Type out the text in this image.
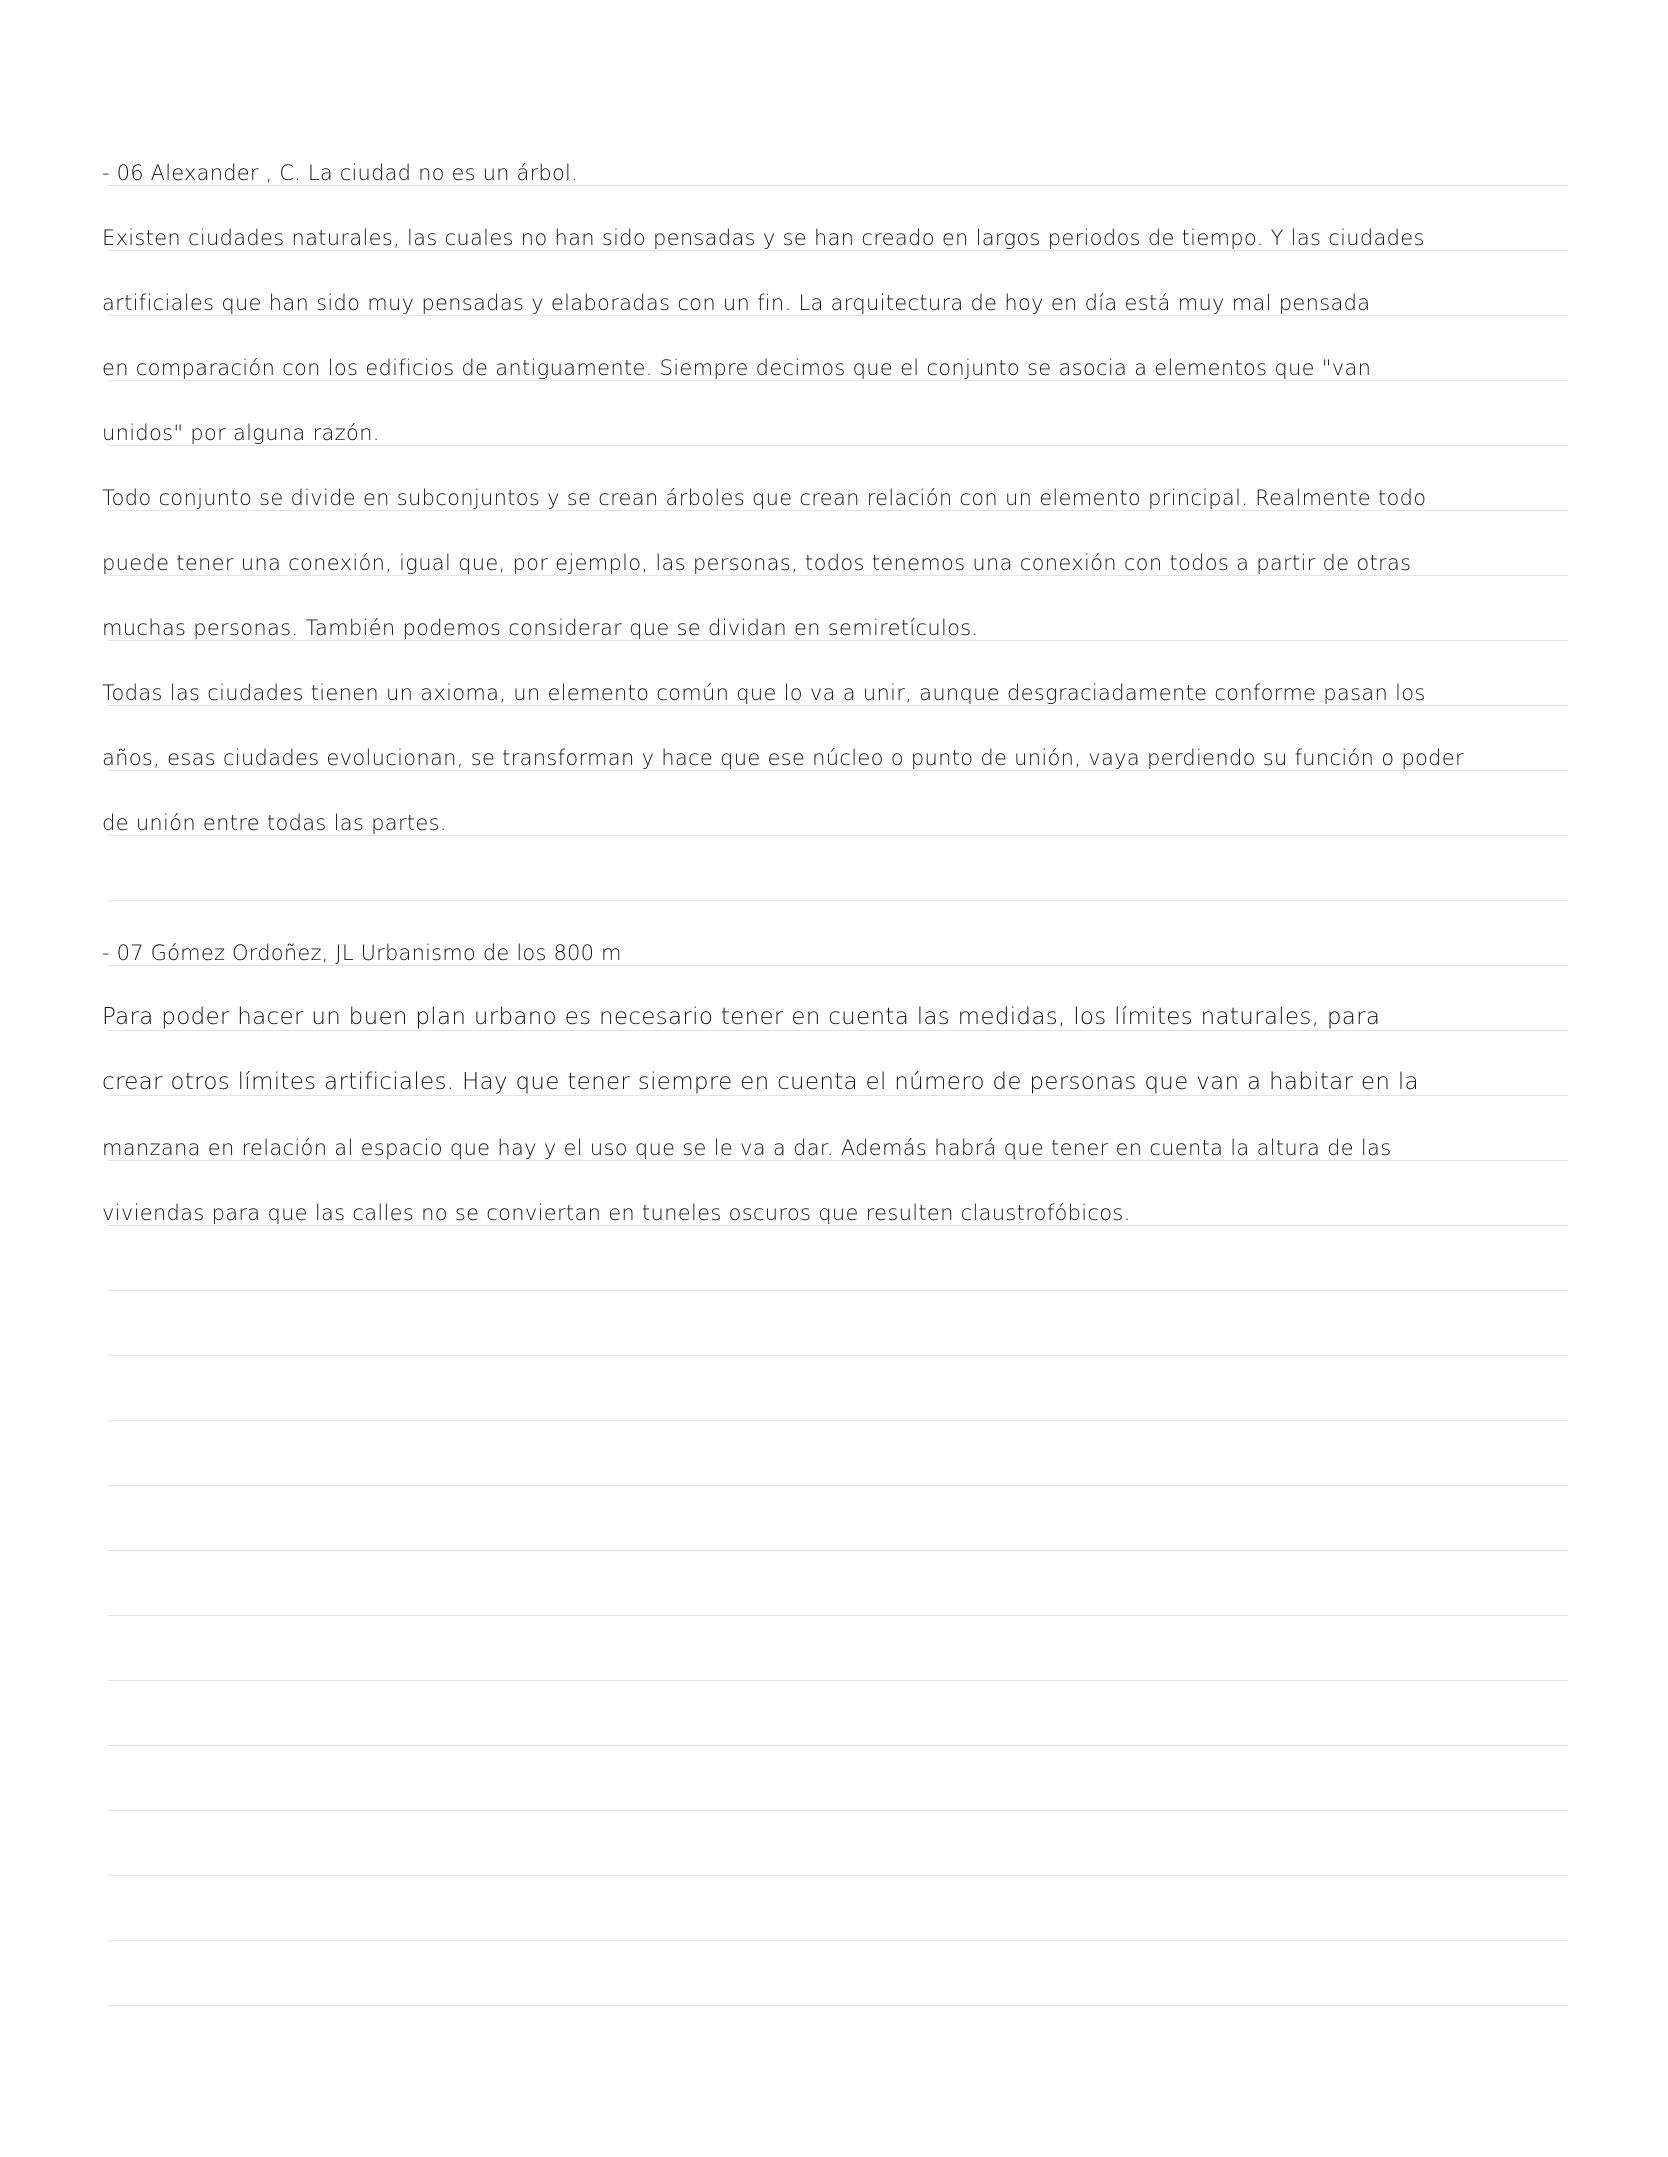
- 06 Alexander , C. La ciudad no es un árbol.

Existen ciudades naturales, las cuales no han sido pensadas y se han creado en largos periodos de tiempo. Y las ciudades

artificiales que han sido muy pensadas y elaboradas con un fin. La arquitectura de hoy en día está muy mal pensada

en comparación con los edificios de antiguamente. Siempre decimos que el conjunto se asocia a elementos que "van

unidos" por alguna razón.

Todo conjunto se divide en subconjuntos y se crean árboles que crean relación con un elemento principal. Realmente todo

puede tener una conexión, igual que, por ejemplo, las personas, todos tenemos una conexión con todos a partir de otras

muchas personas. También podemos considerar que se dividan en semiretículos.

Todas las ciudades tienen un axioma, un elemento común que lo va a unir, aunque desgraciadamente conforme pasan los

años, esas ciudades evolucionan, se transforman y hace que ese núcleo o punto de unión, vaya perdiendo su función o poder

de unión entre todas las partes.

- 07 Gómez Ordoñez, JL Urbanismo de los 800 m

Para poder hacer un buen plan urbano es necesario tener en cuenta las medidas, los límites naturales, para

crear otros límites artificiales. Hay que tener siempre en cuenta el número de personas que van a habitar en la

manzana en relación al espacio que hay y el uso que se le va a dar. Además habrá que tener en cuenta la altura de las

viviendas para que las calles no se conviertan en tuneles oscuros que resulten claustrofóbicos.
